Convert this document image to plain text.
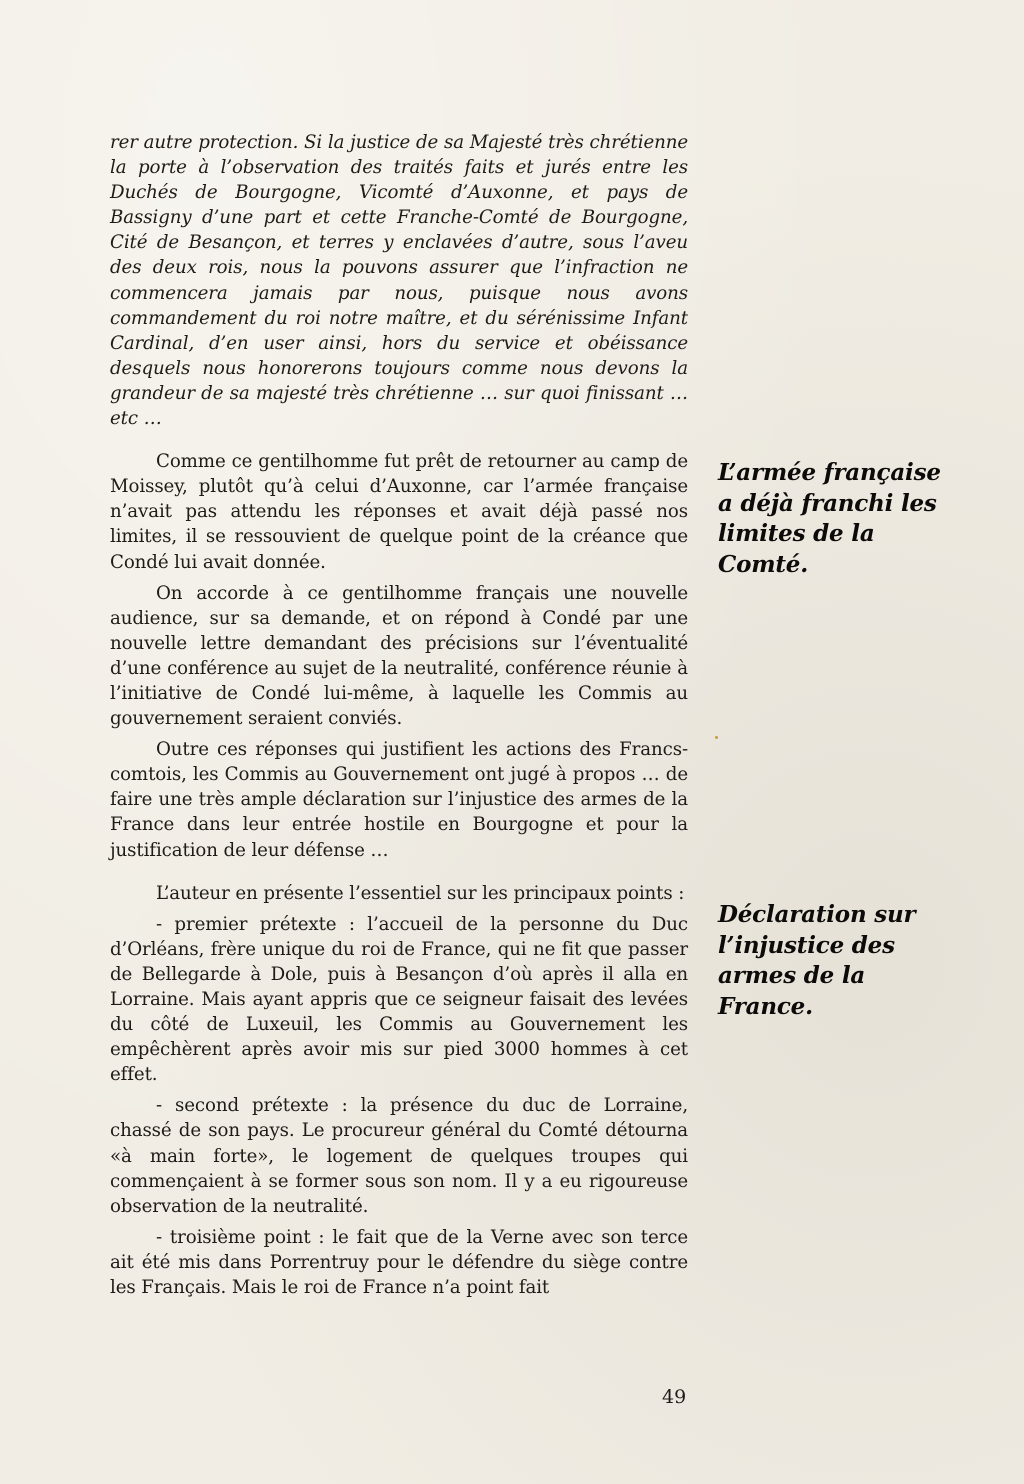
rer autre protection. Si la justice de sa Majesté très chrétienne la porte à l’observation des traités faits et jurés entre les Duchés de Bourgogne, Vicomté d’Auxonne, et pays de Bassigny d’une part et cette Franche-Comté de Bourgogne, Cité de Besançon, et terres y enclavées d’autre, sous l’aveu des deux rois, nous la pouvons assurer que l’infraction ne commencera jamais par nous, puisque nous avons commandement du roi notre maître, et du sérénissime Infant Cardinal, d’en user ainsi, hors du service et obéissance desquels nous honorerons toujours comme nous devons la grandeur de sa majesté très chrétienne … sur quoi finissant … etc …

Comme ce gentilhomme fut prêt de retourner au camp de Moissey, plutôt qu’à celui d’Auxonne, car l’armée française n’avait pas attendu les réponses et avait déjà passé nos limites, il se ressouvient de quelque point de la créance que Condé lui avait donnée.

On accorde à ce gentilhomme français une nouvelle audience, sur sa demande, et on répond à Condé par une nouvelle lettre demandant des précisions sur l’éventualité d’une conférence au sujet de la neutralité, conférence réunie à l’initiative de Condé lui-même, à laquelle les Commis au gouvernement seraient conviés.

Outre ces réponses qui justifient les actions des Francs-comtois, les Commis au Gouvernement ont jugé à propos … de faire une très ample déclaration sur l’injustice des armes de la France dans leur entrée hostile en Bourgogne et pour la justification de leur défense …

L’auteur en présente l’essentiel sur les principaux points :

- premier prétexte : l’accueil de la personne du Duc d’Orléans, frère unique du roi de France, qui ne fit que passer de Bellegarde à Dole, puis à Besançon d’où après il alla en Lorraine. Mais ayant appris que ce seigneur faisait des levées du côté de Luxeuil, les Commis au Gouvernement les empêchèrent après avoir mis sur pied 3000 hommes à cet effet.

- second prétexte : la présence du duc de Lorraine, chassé de son pays. Le procureur général du Comté détourna «à main forte», le logement de quelques troupes qui commençaient à se former sous son nom. Il y a eu rigoureuse observation de la neutralité.

- troisième point : le fait que de la Verne avec son terce ait été mis dans Porrentruy pour le défendre du siège contre les Français. Mais le roi de France n’a point fait

L’armée française a déjà franchi les limites de la Comté.
Déclaration sur l’injustice des armes de la France.
49
